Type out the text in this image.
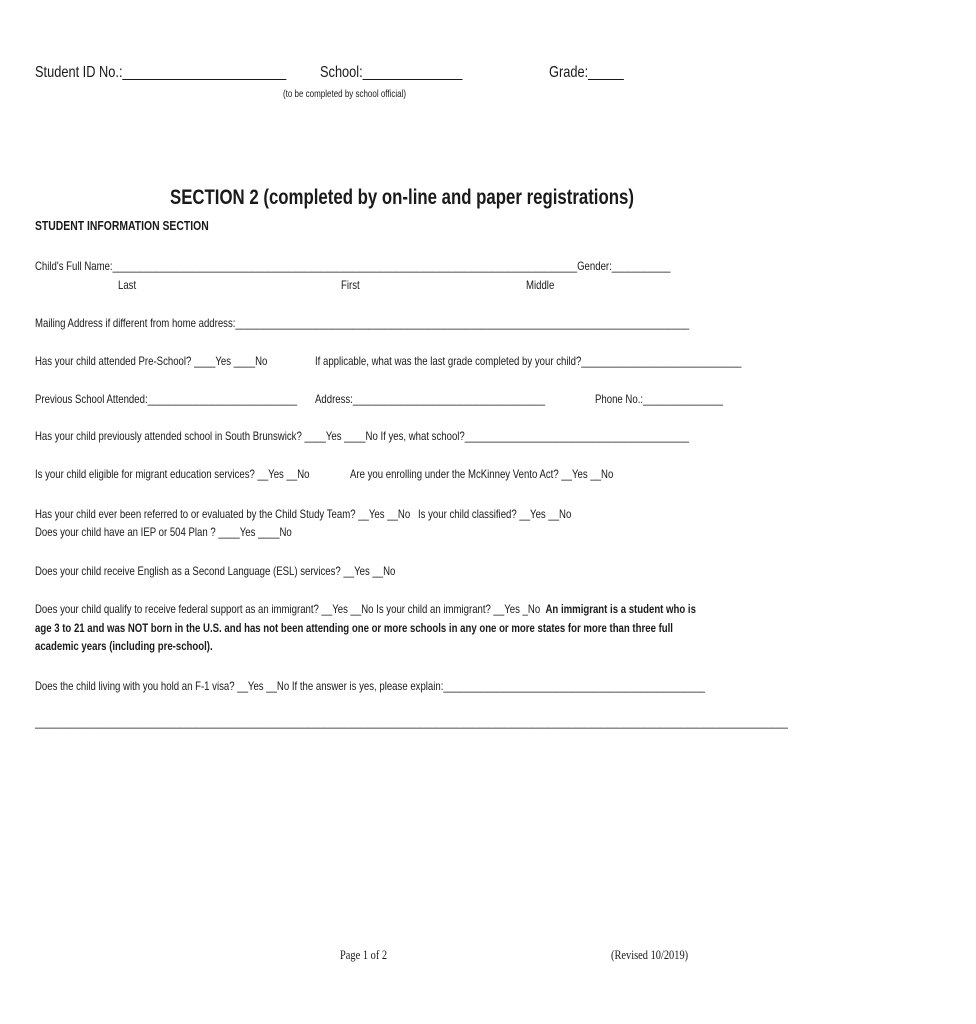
Student ID No.:_______________________	School:______________	Grade:_____
(to be completed by school official)
SECTION 2 (completed by on-line and paper registrations)
STUDENT INFORMATION SECTION
Child's Full Name:_______________________________________________________________________________________Gender:___________
Last	First	Middle
Mailing Address if different from home address:_____________________________________________________________________________________
Has your child attended Pre-School? ____Yes ____No	If applicable, what was the last grade completed by your child?______________________________
Previous School Attended:____________________________	Address:____________________________________	Phone No.:_______________
Has your child previously attended school in South Brunswick? ____Yes ____No If yes, what school?__________________________________________
Is your child eligible for migrant education services? __Yes __No	Are you enrolling under the McKinney Vento Act? __Yes __No
Has your child ever been referred to or evaluated by the Child Study Team? __Yes __No Is your child classified? __Yes __No
Does your child have an IEP or 504 Plan ? ____Yes ____No
Does your child receive English as a Second Language (ESL) services? __Yes __No
Does your child qualify to receive federal support as an immigrant? __Yes __No Is your child an immigrant? __Yes _No An immigrant is a student who is age 3 to 21 and was NOT born in the U.S. and has not been attending one or more schools in any one or more states for more than three full academic years (including pre-school).
Does the child living with you hold an F-1 visa? __Yes __No If the answer is yes, please explain:_________________________________________________
_____________________________________________________________________________________________________________________________________________
Page 1 of 2	(Revised 10/2019)
